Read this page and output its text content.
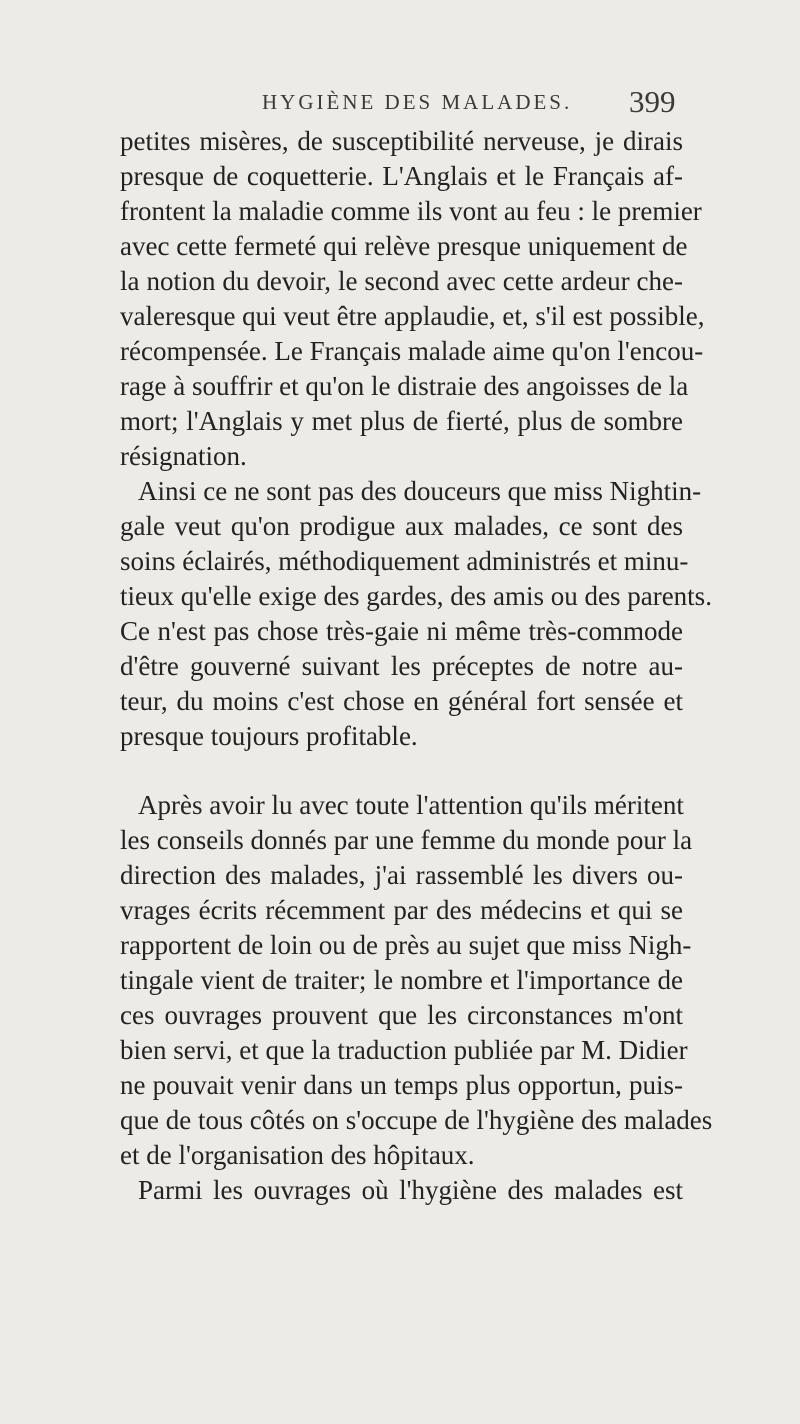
HYGIÈNE DES MALADES. 399
petites misères, de susceptibilité nerveuse, je dirais
presque de coquetterie. L'Anglais et le Français af-
frontent la maladie comme ils vont au feu : le premier
avec cette fermeté qui relève presque uniquement de
la notion du devoir, le second avec cette ardeur che-
valeresque qui veut être applaudie, et, s'il est possible,
récompensée. Le Français malade aime qu'on l'encou-
rage à souffrir et qu'on le distraie des angoisses de la
mort; l'Anglais y met plus de fierté, plus de sombre
résignation.
Ainsi ce ne sont pas des douceurs que miss Nightin-
gale veut qu'on prodigue aux malades, ce sont des
soins éclairés, méthodiquement administrés et minu-
tieux qu'elle exige des gardes, des amis ou des parents.
Ce n'est pas chose très-gaie ni même très-commode
d'être gouverné suivant les préceptes de notre au-
teur, du moins c'est chose en général fort sensée et
presque toujours profitable.
Après avoir lu avec toute l'attention qu'ils méritent
les conseils donnés par une femme du monde pour la
direction des malades, j'ai rassemblé les divers ou-
vrages écrits récemment par des médecins et qui se
rapportent de loin ou de près au sujet que miss Nigh-
tingale vient de traiter; le nombre et l'importance de
ces ouvrages prouvent que les circonstances m'ont
bien servi, et que la traduction publiée par M. Didier
ne pouvait venir dans un temps plus opportun, puis-
que de tous côtés on s'occupe de l'hygiène des malades
et de l'organisation des hôpitaux.
Parmi les ouvrages où l'hygiène des malades est
